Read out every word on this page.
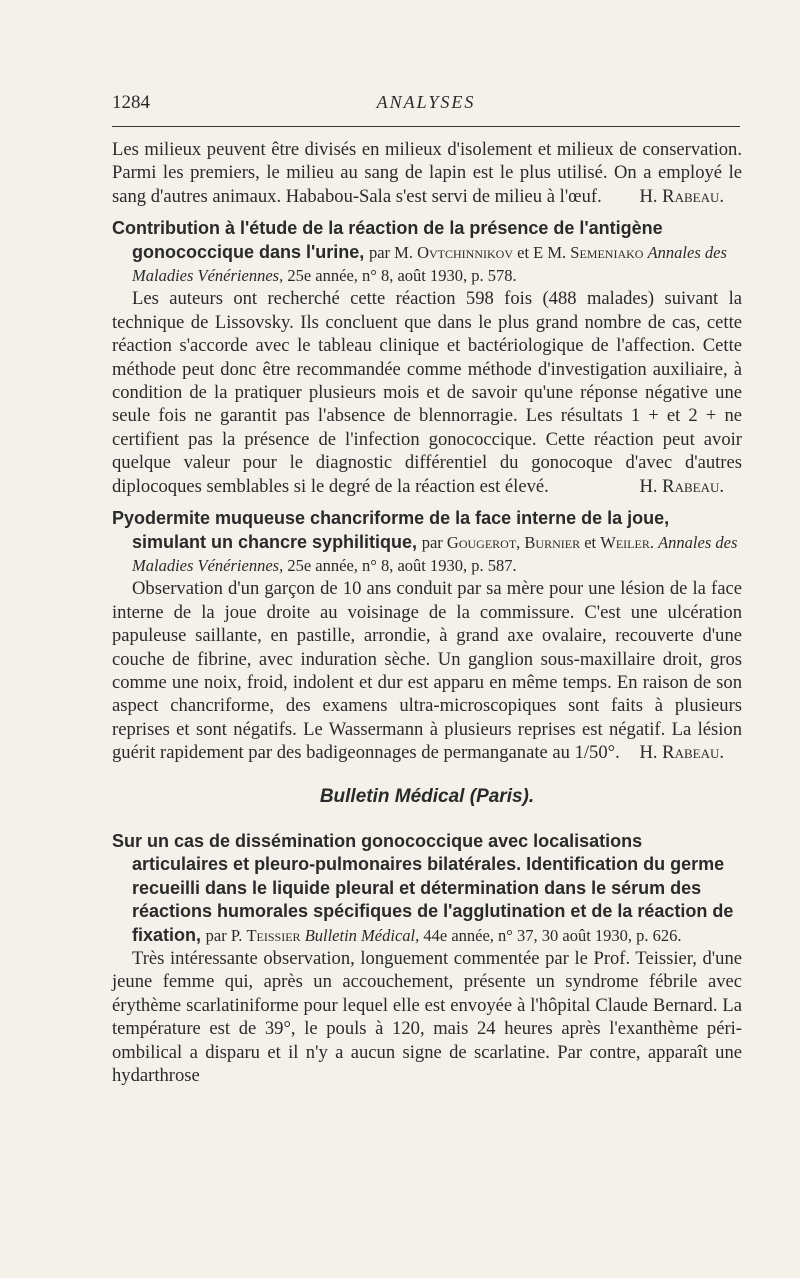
1284	ANALYSES

Les milieux peuvent être divisés en milieux d'isolement et milieux de conservation. Parmi les premiers, le milieu au sang de lapin est le plus utilisé. On a employé le sang d'autres animaux. Hababou-Sala s'est servi de milieu à l'œuf.	H. Rabeau.

Contribution à l'étude de la réaction de la présence de l'antigène gonococcique dans l'urine, par M. Ovtchinnikov et E M. Semeniako Annales des Maladies Vénériennes, 25e année, n° 8, août 1930, p. 578.

Les auteurs ont recherché cette réaction 598 fois (488 malades) suivant la technique de Lissovsky. Ils concluent que dans le plus grand nombre de cas, cette réaction s'accorde avec le tableau clinique et bactériologique de l'affection. Cette méthode peut donc être recommandée comme méthode d'investigation auxiliaire, à condition de la pratiquer plusieurs mois et de savoir qu'une réponse négative une seule fois ne garantit pas l'absence de blennorragie. Les résultats 1 + et 2 + ne certifient pas la présence de l'infection gonococcique. Cette réaction peut avoir quelque valeur pour le diagnostic différentiel du gonocoque d'avec d'autres diplocoques semblables si le degré de la réaction est élevé.	H. Rabeau.

Pyodermite muqueuse chancriforme de la face interne de la joue, simulant un chancre syphilitique, par Gougerot, Burnier et Weiler. Annales des Maladies Vénériennes, 25e année, n° 8, août 1930, p. 587.

Observation d'un garçon de 10 ans conduit par sa mère pour une lésion de la face interne de la joue droite au voisinage de la commissure. C'est une ulcération papuleuse saillante, en pastille, arrondie, à grand axe ovalaire, recouverte d'une couche de fibrine, avec induration sèche. Un ganglion sous-maxillaire droit, gros comme une noix, froid, indolent et dur est apparu en même temps. En raison de son aspect chancriforme, des examens ultra-microscopiques sont faits à plusieurs reprises et sont négatifs. Le Wassermann à plusieurs reprises est négatif. La lésion guérit rapidement par des badigeonnages de permanganate au 1/50°.	H. Rabeau.

Bulletin Médical (Paris).
Sur un cas de dissémination gonococcique avec localisations articulaires et pleuro-pulmonaires bilatérales. Identification du germe recueilli dans le liquide pleural et détermination dans le sérum des réactions humorales spécifiques de l'agglutination et de la réaction de fixation, par P. Teissier Bulletin Médical, 44e année, n° 37, 30 août 1930, p. 626.

Très intéressante observation, longuement commentée par le Prof. Teissier, d'une jeune femme qui, après un accouchement, présente un syndrome fébrile avec érythème scarlatiniforme pour lequel elle est envoyée à l'hôpital Claude Bernard. La température est de 39°, le pouls à 120, mais 24 heures après l'exanthème péri-ombilical a disparu et il n'y a aucun signe de scarlatine. Par contre, apparaît une hydarthrose
